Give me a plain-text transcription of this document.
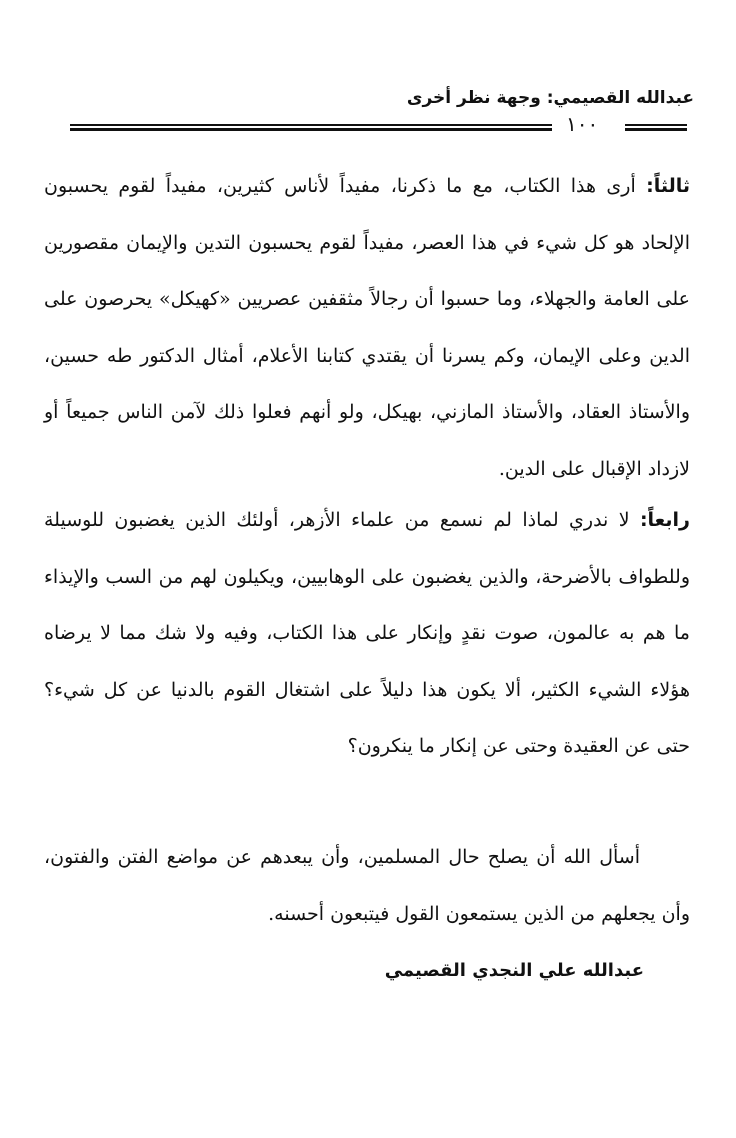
عبدالله القصيمي: وجهة نظر أخرى
١٠٠

ثالثاً: أرى هذا الكتاب، مع ما ذكرنا، مفيداً لأناس كثيرين، مفيداً لقوم يحسبون الإلحاد هو كل شيء في هذا العصر، مفيداً لقوم يحسبون التدين والإيمان مقصورين على العامة والجهلاء، وما حسبوا أن رجالاً مثقفين عصريين «كهيكل» يحرصون على الدين وعلى الإيمان، وكم يسرنا أن يقتدي كتابنا الأعلام، أمثال الدكتور طه حسين، والأستاذ العقاد، والأستاذ المازني، بهيكل، ولو أنهم فعلوا ذلك لآمن الناس جميعاً أو لازداد الإقبال على الدين.

رابعاً: لا ندري لماذا لم نسمع من علماء الأزهر، أولئك الذين يغضبون للوسيلة وللطواف بالأضرحة، والذين يغضبون على الوهابيين، ويكيلون لهم من السب والإيذاء ما هم به عالمون، صوت نقدٍ وإنكار على هذا الكتاب، وفيه ولا شك مما لا يرضاه هؤلاء الشيء الكثير، ألا يكون هذا دليلاً على اشتغال القوم بالدنيا عن كل شيء؟ حتى عن العقيدة وحتى عن إنكار ما ينكرون؟

أسأل الله أن يصلح حال المسلمين، وأن يبعدهم عن مواضع الفتن والفتون، وأن يجعلهم من الذين يستمعون القول فيتبعون أحسنه.

عبدالله علي النجدي القصيمي
